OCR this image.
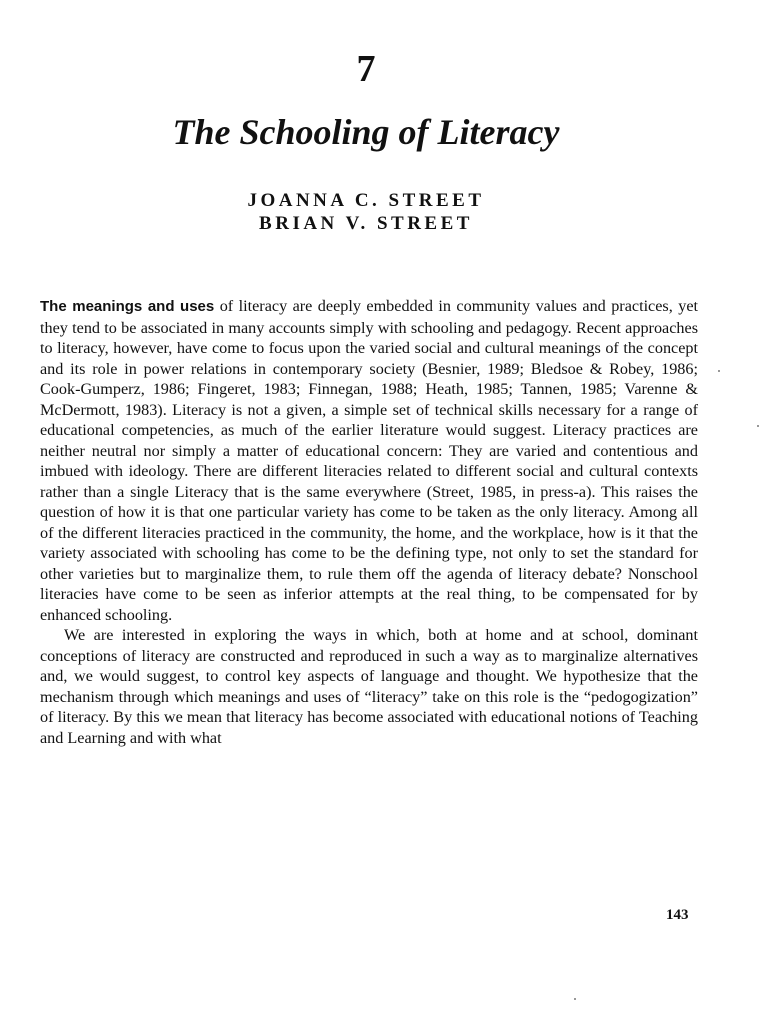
7
The Schooling of Literacy
JOANNA C. STREET
BRIAN V. STREET

The meanings and uses of literacy are deeply embedded in community values and practices, yet they tend to be associated in many accounts simply with schooling and pedagogy. Recent approaches to literacy, however, have come to focus upon the varied social and cultural meanings of the concept and its role in power relations in contemporary society (Besnier, 1989; Bledsoe & Robey, 1986; Cook-Gumperz, 1986; Fingeret, 1983; Finnegan, 1988; Heath, 1985; Tannen, 1985; Varenne & McDermott, 1983). Literacy is not a given, a simple set of technical skills necessary for a range of educational competencies, as much of the earlier literature would suggest. Literacy practices are neither neutral nor simply a matter of educational concern: They are varied and contentious and imbued with ideology. There are different literacies related to different social and cultural contexts rather than a single Literacy that is the same everywhere (Street, 1985, in press-a). This raises the question of how it is that one particular variety has come to be taken as the only literacy. Among all of the different literacies practiced in the community, the home, and the workplace, how is it that the variety associated with schooling has come to be the defining type, not only to set the standard for other varieties but to marginalize them, to rule them off the agenda of literacy debate? Nonschool literacies have come to be seen as inferior attempts at the real thing, to be compensated for by enhanced schooling.

We are interested in exploring the ways in which, both at home and at school, dominant conceptions of literacy are constructed and reproduced in such a way as to marginalize alternatives and, we would suggest, to control key aspects of language and thought. We hypothesize that the mechanism through which meanings and uses of “literacy” take on this role is the “pedogogization” of literacy. By this we mean that literacy has become associated with educational notions of Teaching and Learning and with what

143
